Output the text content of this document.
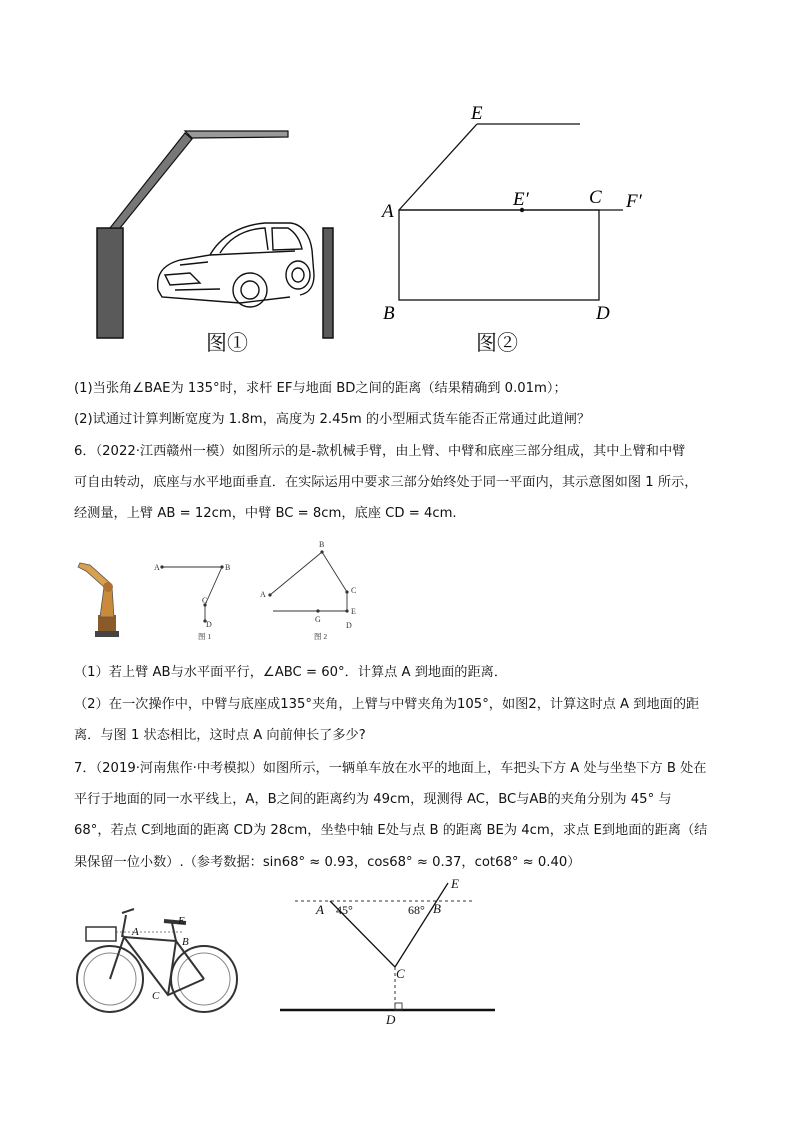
图①
E
A
E′	C F′
B	D
图②
(1)当张角∠BAE为 135°时，求杆 EF与地面 BD之间的距离（结果精确到 0.01m）；
(2)试通过计算判断宽度为 1.8m，高度为 2.45m 的小型厢式货车能否正常通过此道闸？
6．（2022·江西赣州一模）如图所示的是-款机械手臂，由上臂、中臂和底座三部分组成，其中上臂和中臂
可自由转动，底座与水平地面垂直．在实际运用中要求三部分始终处于同一平面内，其示意图如图 1 所示，
经测量，上臂 AB = 12cm，中臂 BC = 8cm，底座 CD = 4cm.
A	B
C
D
图 1
B
A	C
E
G
D
图 2
（1）若上臂 AB与水平面平行，∠ABC = 60°．计算点 A 到地面的距离．
（2）在一次操作中，中臂与底座成135°夹角，上臂与中臂夹角为105°，如图2，计算这时点 A 到地面的距
离．与图 1 状态相比，这时点 A 向前伸长了多少?
7．（2019·河南焦作·中考模拟）如图所示，一辆单车放在水平的地面上，车把头下方 A 处与坐垫下方 B 处在
平行于地面的同一水平线上，A，B之间的距离约为 49cm，现测得 AC，BC与AB的夹角分别为 45° 与
68°，若点 C到地面的距离 CD为 28cm，坐垫中轴 E处与点 B 的距离 BE为 4cm，求点 E到地面的距离（结
果保留一位小数）.（参考数据：sin68° ≈ 0.93，cos68° ≈ 0.37，cot68° ≈ 0.40）
E
A
B
C
E
A 45°	68° B
C
D
